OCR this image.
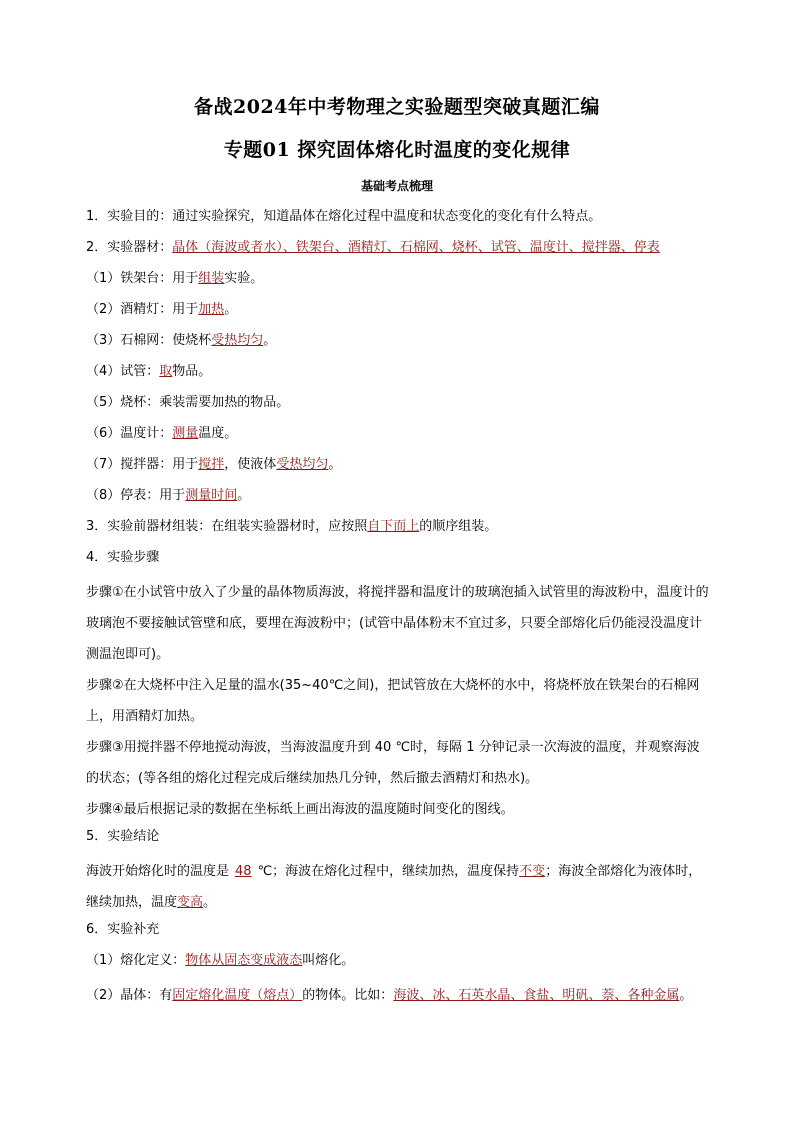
备战2024年中考物理之实验题型突破真题汇编
专题01 探究固体熔化时温度的变化规律
基础考点梳理
1．实验目的：通过实验探究，知道晶体在熔化过程中温度和状态变化的变化有什么特点。
2．实验器材：晶体（海波或者水）、铁架台、酒精灯、石棉网、烧杯、试管、温度计、搅拌器、停表
（1）铁架台：用于组装实验。
（2）酒精灯：用于加热。
（3）石棉网：使烧杯受热均匀。
（4）试管：取物品。
（5）烧杯：乘装需要加热的物品。
（6）温度计：测量温度。
（7）搅拌器：用于搅拌，使液体受热均匀。
（8）停表：用于测量时间。
3．实验前器材组装：在组装实验器材时，应按照自下而上的顺序组装。
4．实验步骤
步骤①在小试管中放入了少量的晶体物质海波，将搅拌器和温度计的玻璃泡插入试管里的海波粉中，温度计的玻璃泡不要接触试管壁和底，要埋在海波粉中；(试管中晶体粉末不宜过多，只要全部熔化后仍能浸没温度计测温泡即可)。
步骤②在大烧杯中注入足量的温水(35~40℃之间)，把试管放在大烧杯的水中，将烧杯放在铁架台的石棉网上，用酒精灯加热。
步骤③用搅拌器不停地搅动海波，当海波温度升到 40 ℃时，每隔 1 分钟记录一次海波的温度，并观察海波的状态；(等各组的熔化过程完成后继续加热几分钟，然后撤去酒精灯和热水)。
步骤④最后根据记录的数据在坐标纸上画出海波的温度随时间变化的图线。
5．实验结论
海波开始熔化时的温度是 48 ℃；海波在熔化过程中，继续加热，温度保持不变；海波全部熔化为液体时，继续加热，温度变高。
6．实验补充
（1）熔化定义：物体从固态变成液态叫熔化。
（2）晶体：有固定熔化温度（熔点）的物体。比如：海波、冰、石英水晶、食盐、明矾、萘、各种金属。
